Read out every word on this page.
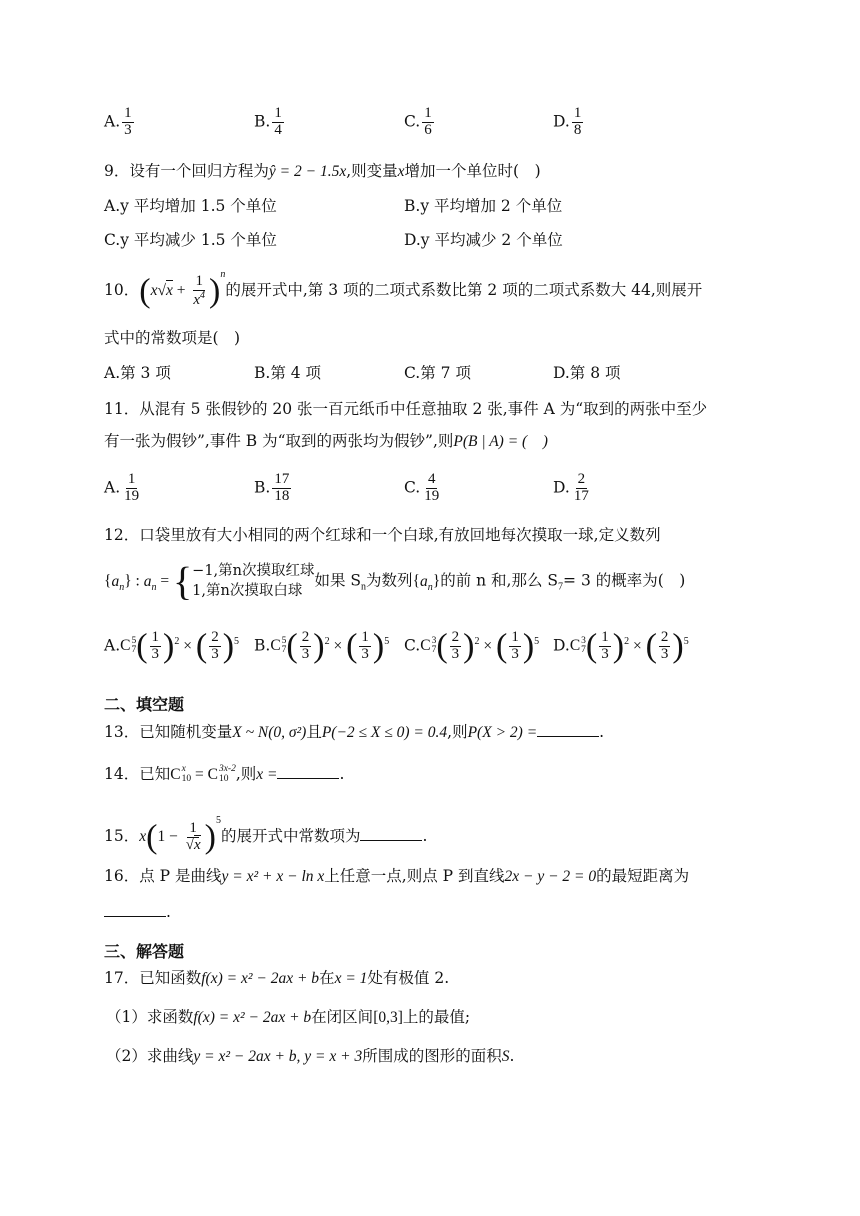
A. $\frac{1}{3}$	B. $\frac{1}{4}$	C. $\frac{1}{6}$	D. $\frac{1}{8}$
9．设有一个回归方程为ŷ = 2 − 1.5x,则变量x增加一个单位时(　)
A.y 平均增加 1.5 个单位	B.y 平均增加 2 个单位
C.y 平均减少 1.5 个单位	D.y 平均减少 2 个单位
10．$(x√x + \frac{1}{x^4} )^n$的展开式中,第 3 项的二项式系数比第 2 项的二项式系数大 44,则展开
式中的常数项是(　)
A.第 3 项	B.第 4 项	C.第 7 项	D.第 8 项
11．从混有 5 张假钞的 20 张一百元纸币中任意抽取 2 张,事件 A 为“取到的两张中至少
有一张为假钞”,事件 B 为“取到的两张均为假钞”,则P(B | A) = (　)
A. $\frac{1}{19}$	B. $\frac{17}{18}$	C. $\frac{4}{19}$	D. $\frac{2}{17}$
12．口袋里放有大小相同的两个红球和一个白球,有放回地每次摸取一球,定义数列
$\{a_n\}$ : $a_n$ = { −1,第n次摸取红球
1,第n次摸取白球
如果 $S_n$为数列$\{a_n\}$的前 n 和,那么 $S_7= 3$ 的概率为(　)
A.C 5
7 ( $\frac{1}{3} )^2$ × ( $\frac{2}{3} )^5$ B.C 5
7 ( $\frac{2}{3} )^2$ × ( $\frac{1}{3} )^5$ C.C 3
7 ( $\frac{2}{3} )^2$ × ( $\frac{1}{3} )^5$ D.C 3
7 ( $\frac{1}{3} )^2$ × ( $\frac{2}{3} )^5$
二、填空题
13．已知随机变量X ~ N(0, σ²)且P(−2 ≤ X ≤ 0) = 0.4,则P(X > 2) =	.
14．已知C x
10 = C 3x-2
10 ,则x =	.
15．$x(1 - \frac{1}{√x} )^5$的展开式中常数项为	.
16．点 P 是曲线y = x² + x − ln x上任意一点,则点 P 到直线2x − y − 2 = 0的最短距离为
.
三、解答题
17．已知函数f(x) = x² − 2ax + b在x = 1处有极值 2.
（1）求函数f(x) = x² − 2ax + b在闭区间[0,3]上的最值;
（2）求曲线y = x² − 2ax + b, y = x + 3所围成的图形的面积S.
